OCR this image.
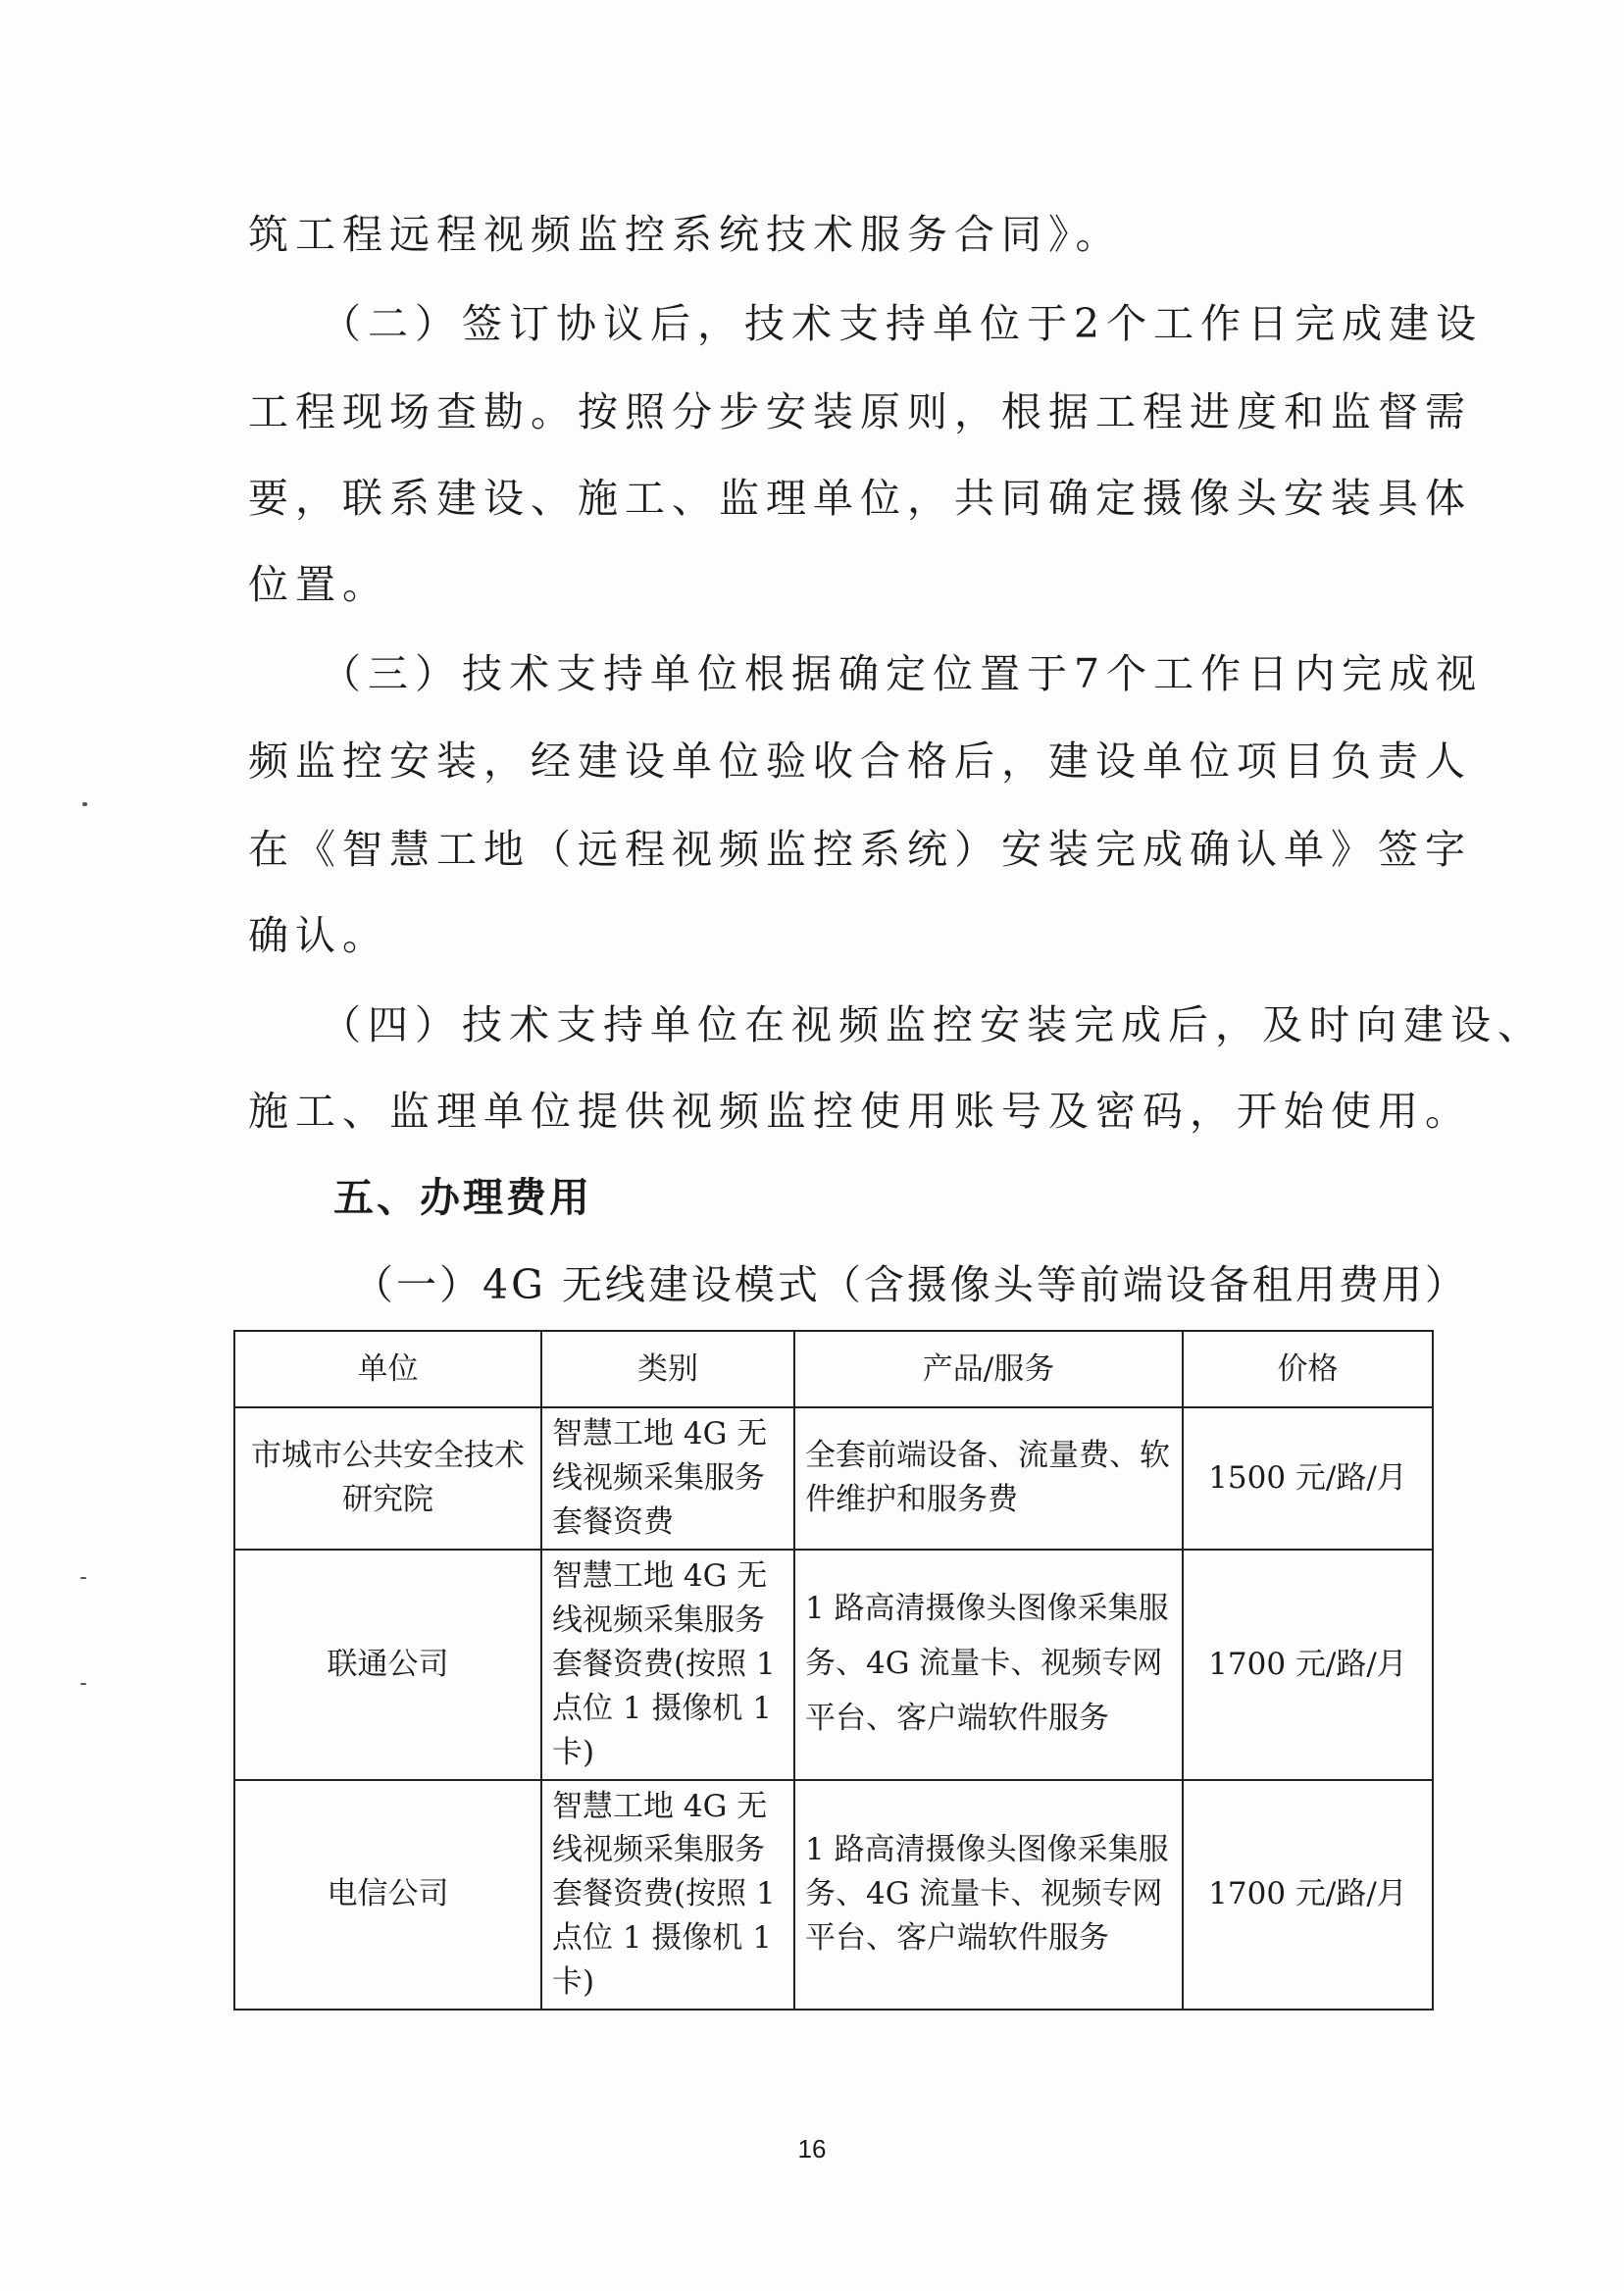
筑工程远程视频监控系统技术服务合同》。
（二）签订协议后，技术支持单位于2个工作日完成建设
工程现场查勘。按照分步安装原则，根据工程进度和监督需
要，联系建设、施工、监理单位，共同确定摄像头安装具体
位置。
（三）技术支持单位根据确定位置于7个工作日内完成视
频监控安装，经建设单位验收合格后，建设单位项目负责人
在《智慧工地（远程视频监控系统）安装完成确认单》签字
确认。
（四）技术支持单位在视频监控安装完成后，及时向建设、
施工、监理单位提供视频监控使用账号及密码，开始使用。
五、办理费用
（一）4G 无线建设模式（含摄像头等前端设备租用费用）
单位	类别	产品/服务	价格
市城市公共安全技术研究院	智慧工地 4G 无线视频采集服务套餐资费	全套前端设备、流量费、软件维护和服务费	1500 元/路/月
联通公司	智慧工地 4G 无线视频采集服务套餐资费(按照 1 点位 1 摄像机 1 卡)	1 路高清摄像头图像采集服务、4G 流量卡、视频专网平台、客户端软件服务	1700 元/路/月
电信公司	智慧工地 4G 无线视频采集服务套餐资费(按照 1 点位 1 摄像机 1 卡)	1 路高清摄像头图像采集服务、4G 流量卡、视频专网平台、客户端软件服务	1700 元/路/月
16
